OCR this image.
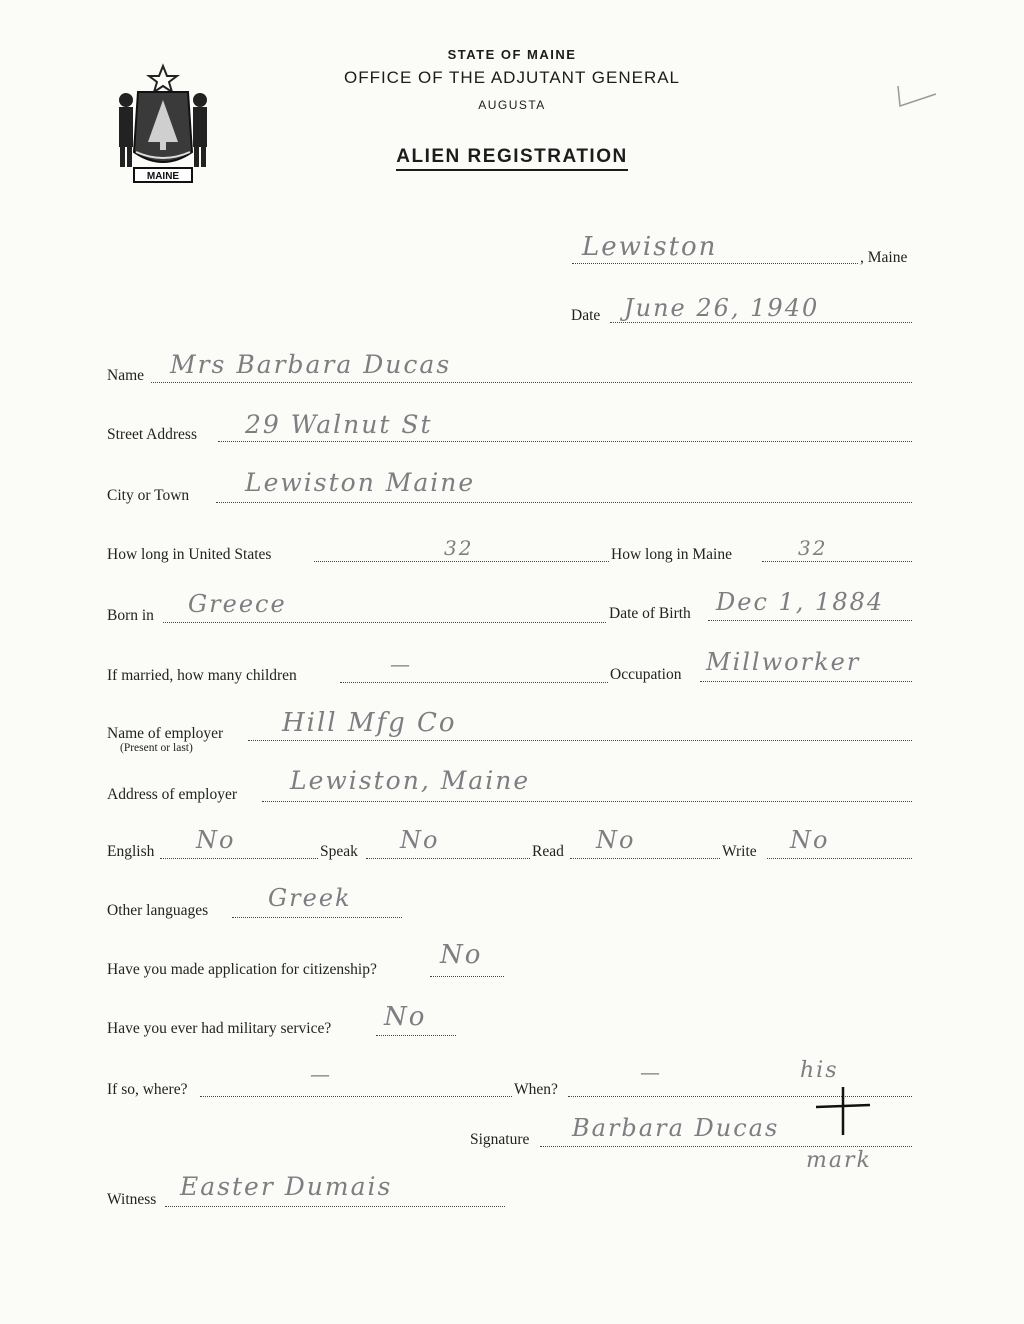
MAINE
STATE OF MAINE
OFFICE OF THE ADJUTANT GENERAL
AUGUSTA
ALIEN REGISTRATION
Lewiston	, Maine
Date June 26, 1940
Name Mrs Barbara Ducas
Street Address 29 Walnut St
City or Town Lewiston Maine
How long in United States	32	How long in Maine	32
Born in Greece	Date of Birth Dec 1, 1884
If married, how many children	—	Occupation Millworker
Name of employer
(Present or last)
Hill Mfg Co
Address of employer Lewiston, Maine
English No	Speak No	Read No	Write No
Other languages Greek
Have you made application for citizenship? No
Have you ever had military service? No
If so, where?
—
When?
—	his
Signature Barbara Ducas
mark
Witness Easter Dumais
